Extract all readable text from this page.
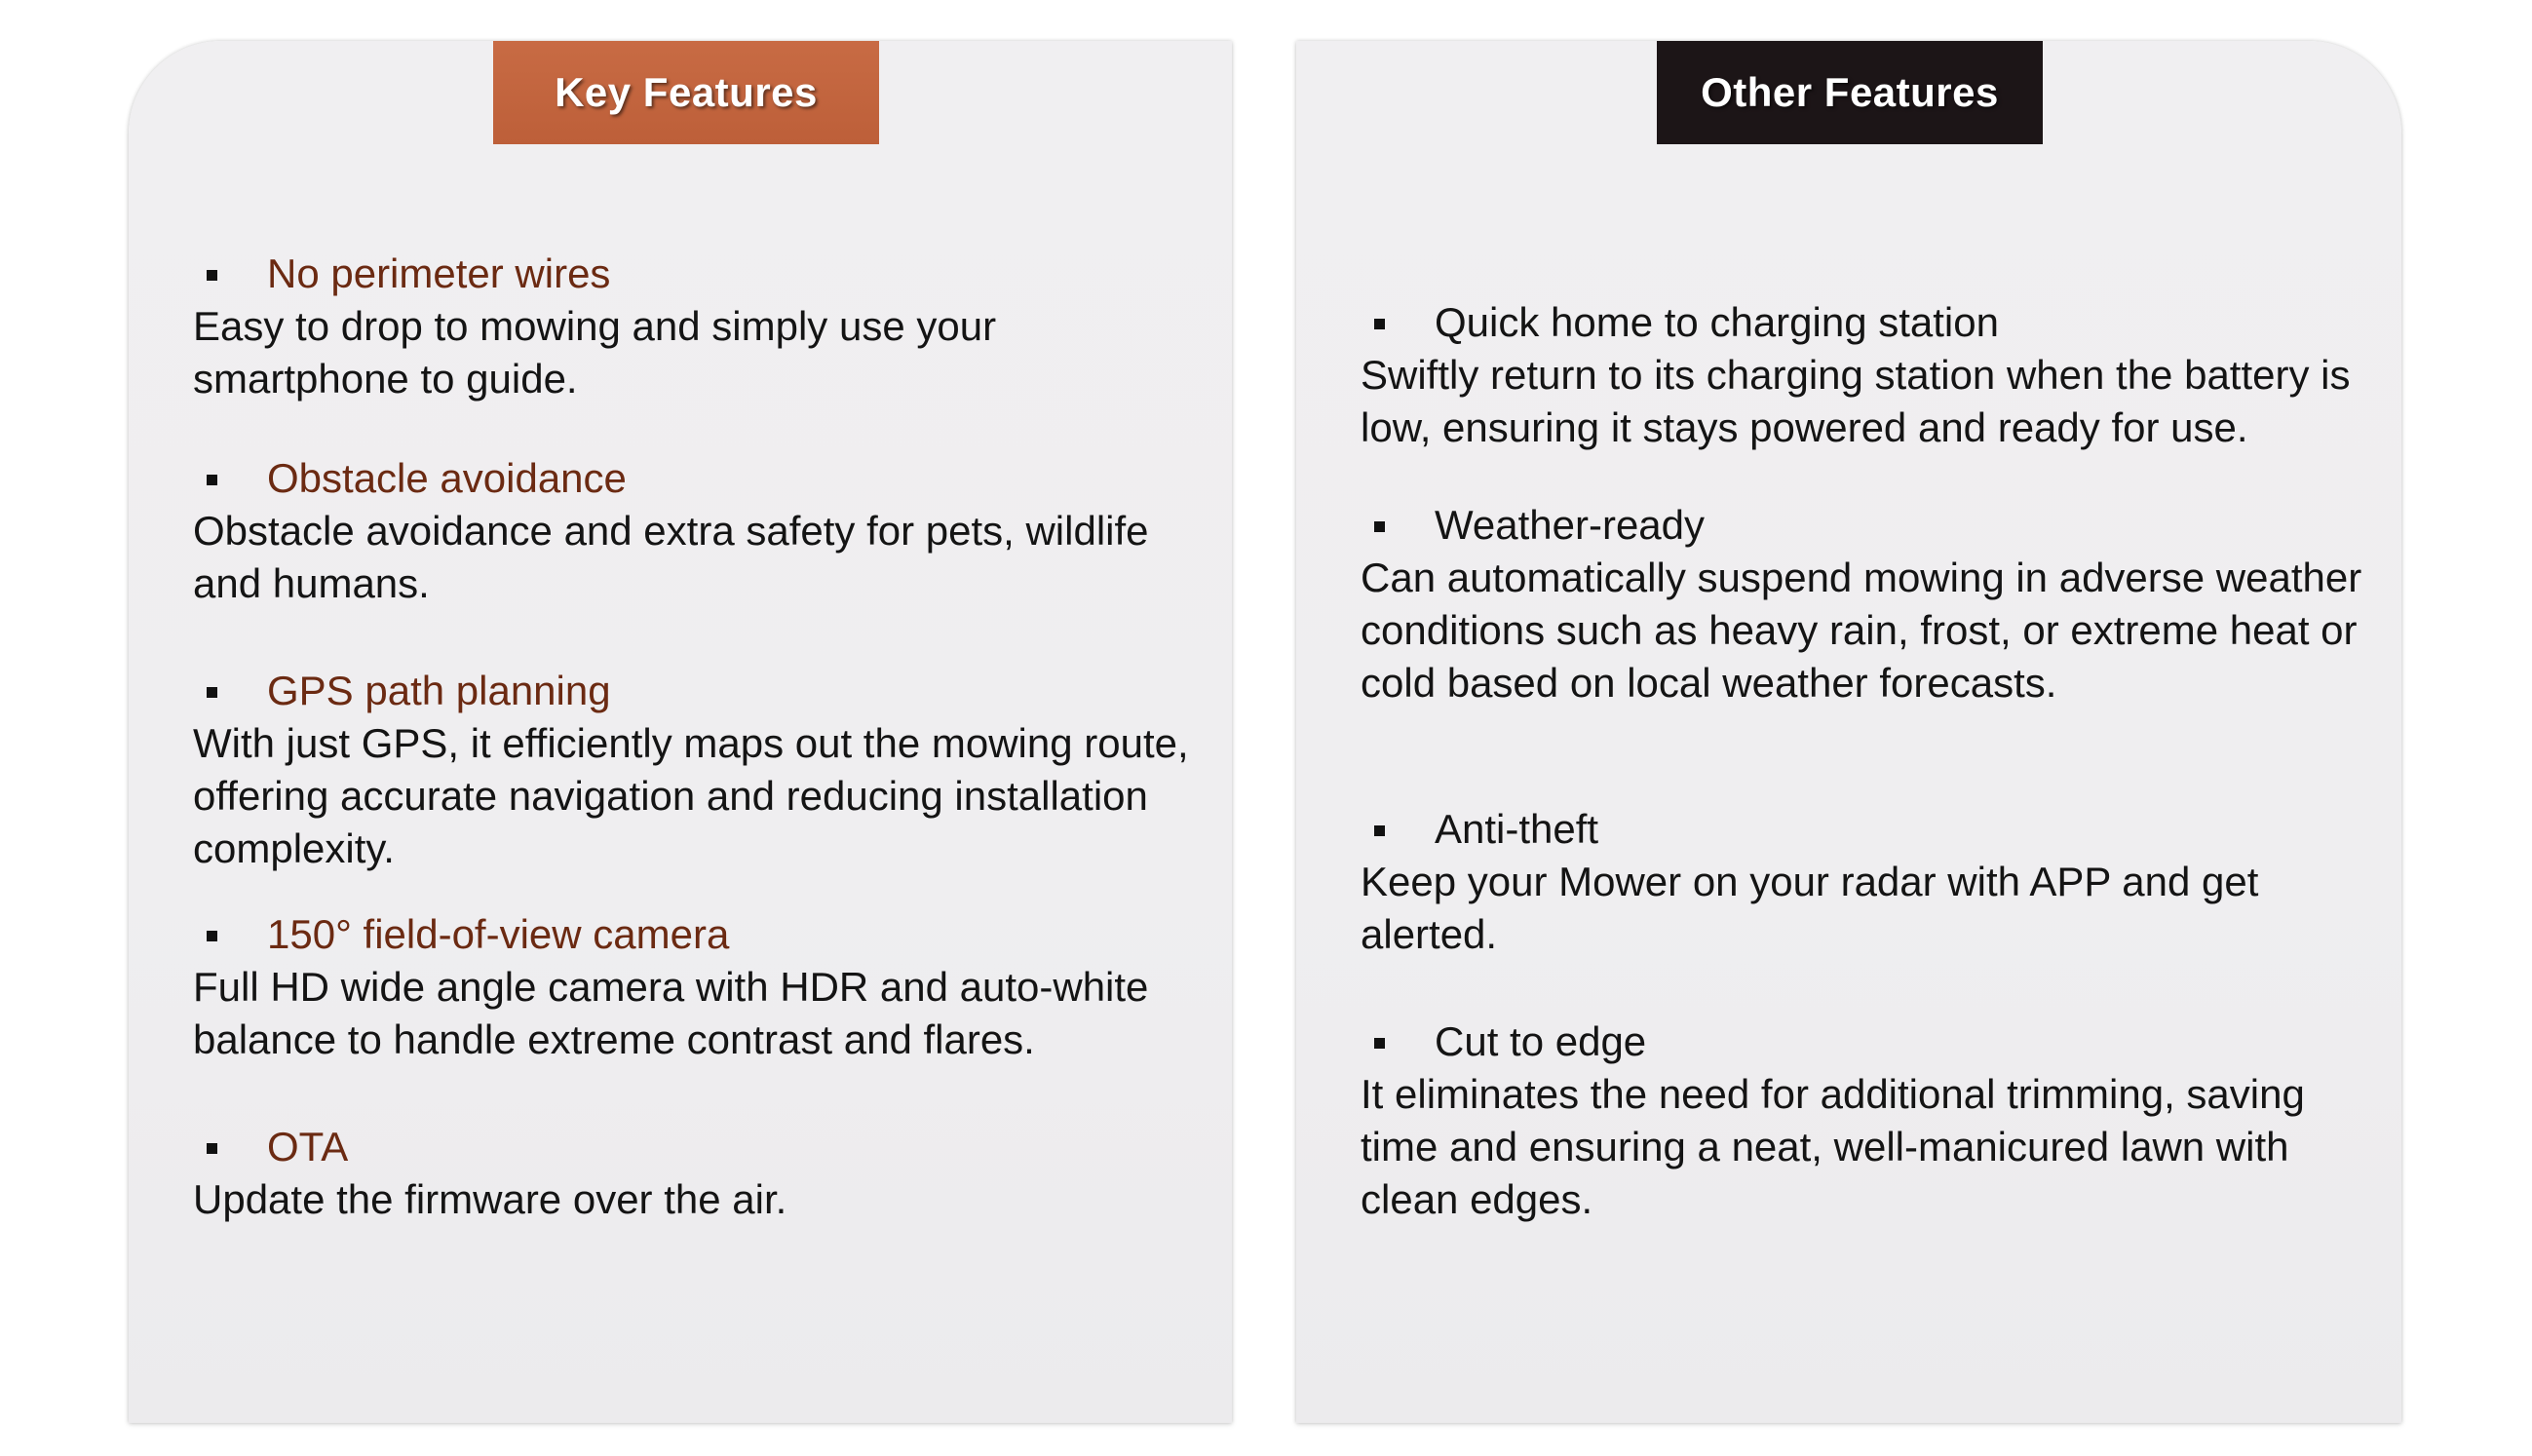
Key Features
No perimeter wires
Easy to drop to mowing and simply use your smartphone to guide.
Obstacle avoidance
Obstacle avoidance and extra safety for pets, wildlife and humans.
GPS path planning
With just GPS, it efficiently maps out the mowing route, offering accurate navigation and reducing installation complexity.
150° field-of-view camera
Full HD wide angle camera with HDR and auto-white balance to handle extreme contrast and flares.
OTA
Update the firmware over the air.
Other Features
Quick home to charging station
Swiftly return to its charging station when the battery is low, ensuring it stays powered and ready for use.
Weather-ready
Can automatically suspend mowing in adverse weather conditions such as heavy rain, frost, or extreme heat or cold based on local weather forecasts.
Anti-theft
Keep your Mower on your radar with APP and get alerted.
Cut to edge
It eliminates the need for additional trimming, saving time and ensuring a neat, well-manicured lawn with clean edges.
